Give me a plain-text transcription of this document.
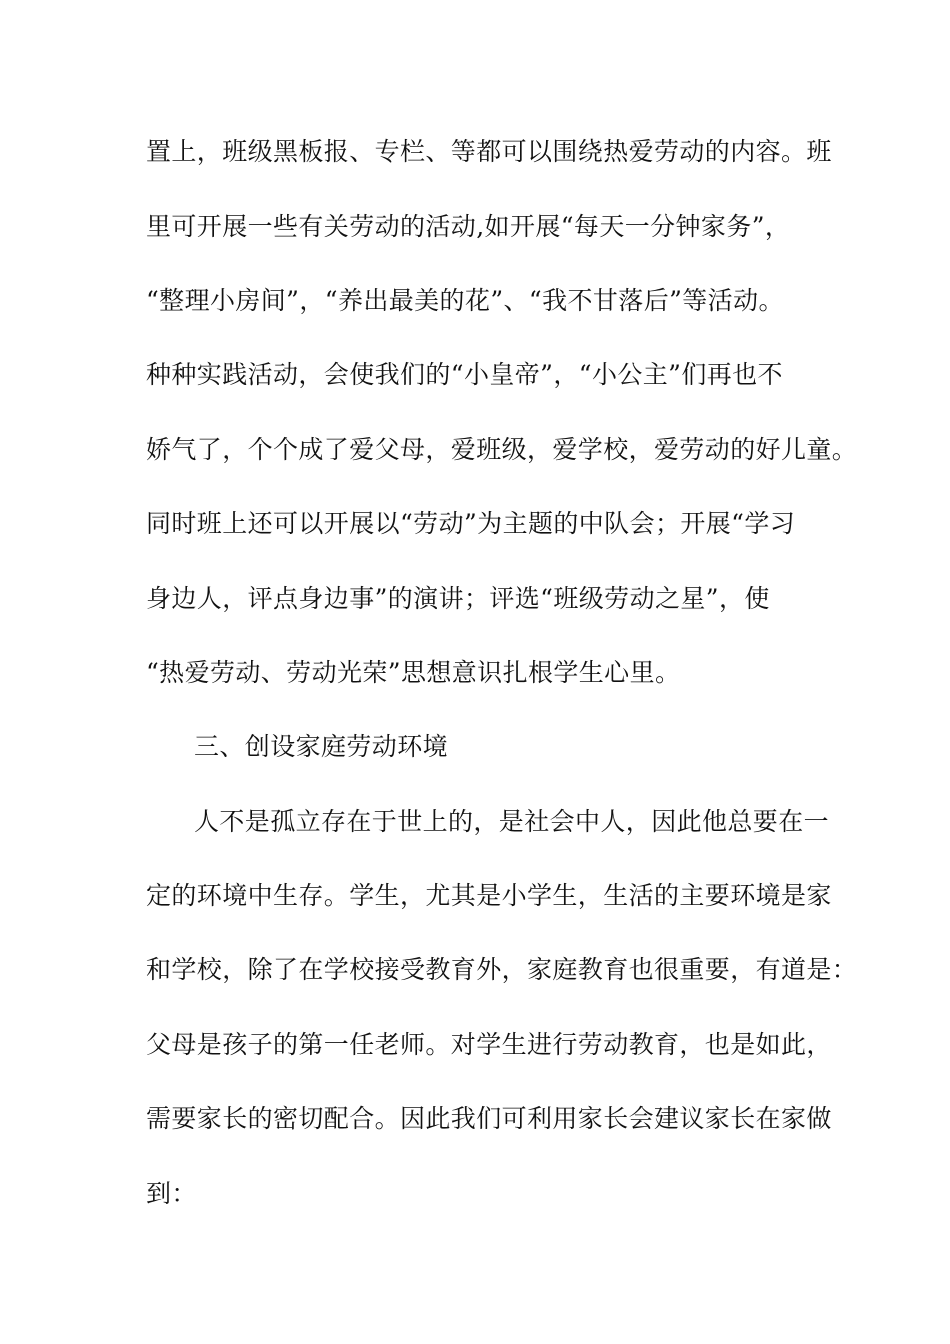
置上，班级黑板报、专栏、等都可以围绕热爱劳动的内容。班
里可开展一些有关劳动的活动,如开展“每天一分钟家务”，
“整理小房间”，“养出最美的花”、“我不甘落后”等活动。
种种实践活动，会使我们的“小皇帝”，“小公主”们再也不
娇气了，个个成了爱父母，爱班级，爱学校，爱劳动的好儿童。
同时班上还可以开展以“劳动”为主题的中队会；开展“学习
身边人，评点身边事”的演讲；评选“班级劳动之星”，使
“热爱劳动、劳动光荣”思想意识扎根学生心里。
三、创设家庭劳动环境
人不是孤立存在于世上的，是社会中人，因此他总要在一
定的环境中生存。学生，尤其是小学生，生活的主要环境是家
和学校，除了在学校接受教育外，家庭教育也很重要，有道是：
父母是孩子的第一任老师。对学生进行劳动教育，也是如此，
需要家长的密切配合。因此我们可利用家长会建议家长在家做
到：
